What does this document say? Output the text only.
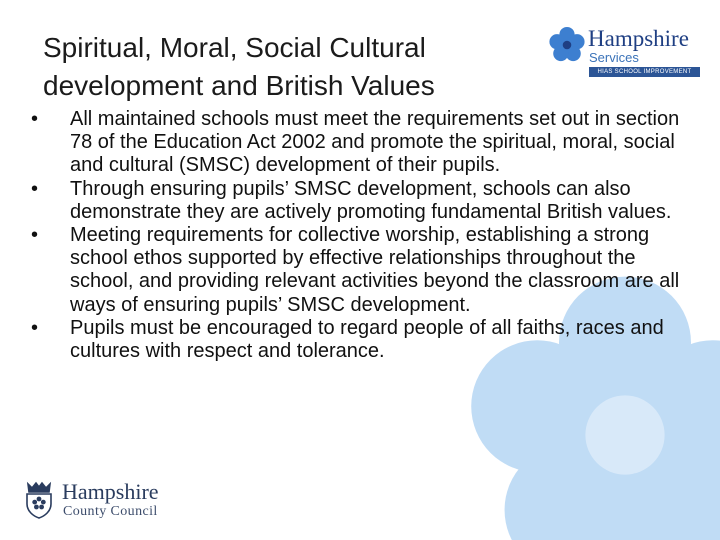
Spiritual, Moral, Social Cultural
development and British Values
Hampshire
Services
HIAS SCHOOL IMPROVEMENT
• All maintained schools must meet the requirements set out in section 78 of the Education Act 2002 and promote the spiritual, moral, social and cultural (SMSC) development of their pupils.
• Through ensuring pupils’ SMSC development, schools can also demonstrate they are actively promoting fundamental British values.
• Meeting requirements for collective worship, establishing a strong school ethos supported by effective relationships throughout the school, and providing relevant activities beyond the classroom are all ways of ensuring pupils’ SMSC development.
• Pupils must be encouraged to regard people of all faiths, races and cultures with respect and tolerance.
Hampshire
County Council
